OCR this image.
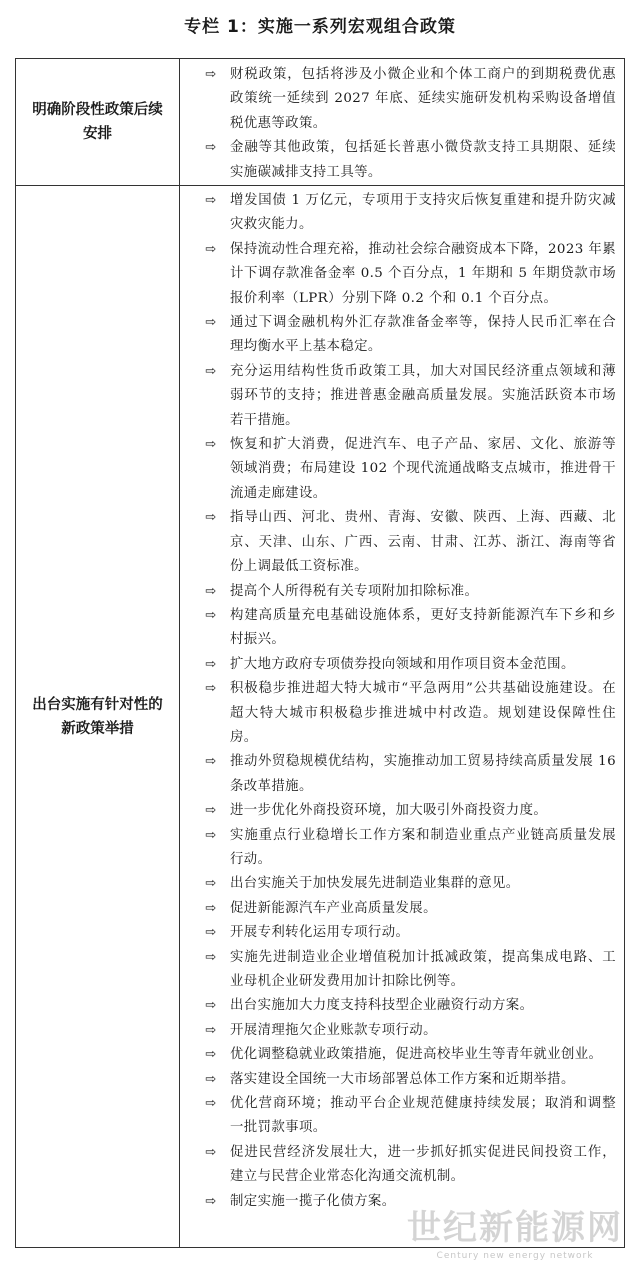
专栏 1：实施一系列宏观组合政策
明确阶段性政策后续安排
⇨ 财税政策，包括将涉及小微企业和个体工商户的到期税费优惠政策统一延续到 2027 年底、延续实施研发机构采购设备增值税优惠等政策。
⇨ 金融等其他政策，包括延长普惠小微贷款支持工具期限、延续实施碳减排支持工具等。
出台实施有针对性的新政策举措
⇨ 增发国债 1 万亿元，专项用于支持灾后恢复重建和提升防灾减灾救灾能力。
⇨ 保持流动性合理充裕，推动社会综合融资成本下降，2023 年累计下调存款准备金率 0.5 个百分点，1 年期和 5 年期贷款市场报价利率（LPR）分别下降 0.2 个和 0.1 个百分点。
⇨ 通过下调金融机构外汇存款准备金率等，保持人民币汇率在合理均衡水平上基本稳定。
⇨ 充分运用结构性货币政策工具，加大对国民经济重点领域和薄弱环节的支持；推进普惠金融高质量发展。实施活跃资本市场若干措施。
⇨ 恢复和扩大消费，促进汽车、电子产品、家居、文化、旅游等领域消费；布局建设 102 个现代流通战略支点城市，推进骨干流通走廊建设。
⇨ 指导山西、河北、贵州、青海、安徽、陕西、上海、西藏、北京、天津、山东、广西、云南、甘肃、江苏、浙江、海南等省份上调最低工资标准。
⇨ 提高个人所得税有关专项附加扣除标准。
⇨ 构建高质量充电基础设施体系，更好支持新能源汽车下乡和乡村振兴。
⇨ 扩大地方政府专项债券投向领域和用作项目资本金范围。
⇨ 积极稳步推进超大特大城市“平急两用”公共基础设施建设。在超大特大城市积极稳步推进城中村改造。规划建设保障性住房。
⇨ 推动外贸稳规模优结构，实施推动加工贸易持续高质量发展 16 条改革措施。
⇨ 进一步优化外商投资环境，加大吸引外商投资力度。
⇨ 实施重点行业稳增长工作方案和制造业重点产业链高质量发展行动。
⇨ 出台实施关于加快发展先进制造业集群的意见。
⇨ 促进新能源汽车产业高质量发展。
⇨ 开展专利转化运用专项行动。
⇨ 实施先进制造业企业增值税加计抵减政策，提高集成电路、工业母机企业研发费用加计扣除比例等。
⇨ 出台实施加大力度支持科技型企业融资行动方案。
⇨ 开展清理拖欠企业账款专项行动。
⇨ 优化调整稳就业政策措施，促进高校毕业生等青年就业创业。
⇨ 落实建设全国统一大市场部署总体工作方案和近期举措。
⇨ 优化营商环境；推动平台企业规范健康持续发展；取消和调整一批罚款事项。
⇨ 促进民营经济发展壮大，进一步抓好抓实促进民间投资工作，建立与民营企业常态化沟通交流机制。
⇨ 制定实施一揽子化债方案。
世纪新能源网
Century new energy network
